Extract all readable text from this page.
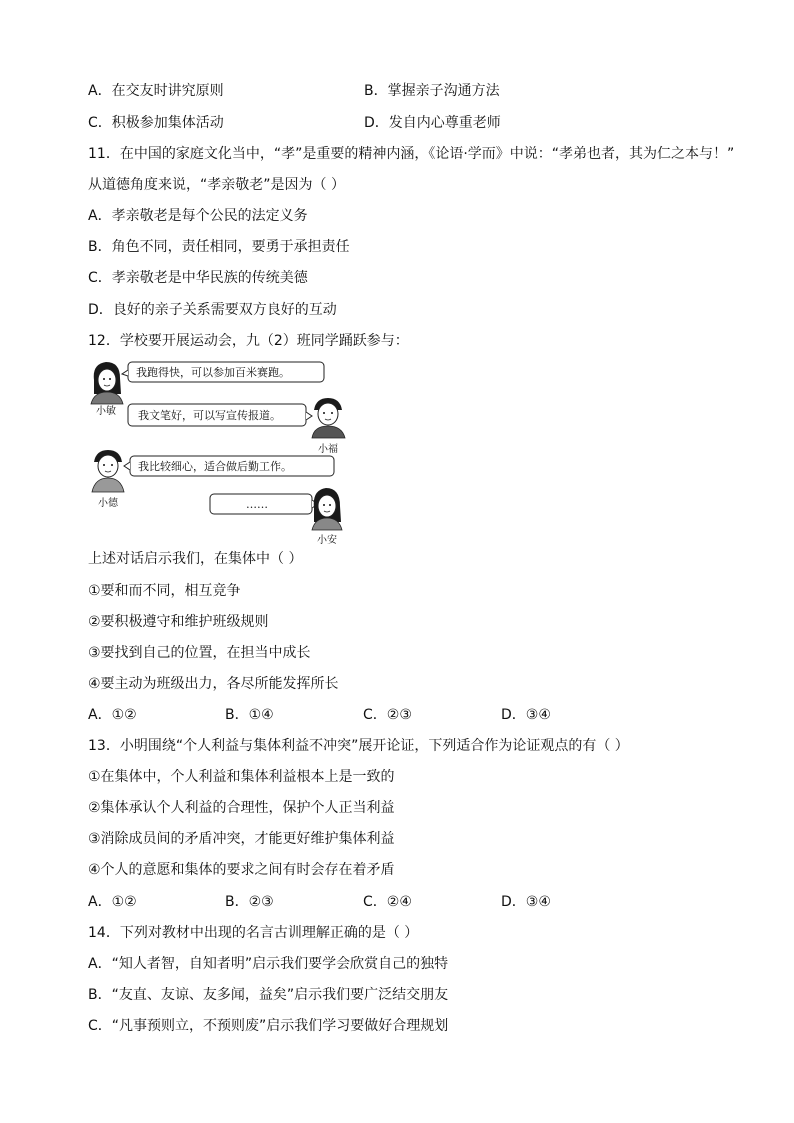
A．在交友时讲究原则	B．掌握亲子沟通方法
C．积极参加集体活动	D．发自内心尊重老师
11．在中国的家庭文化当中，“孝”是重要的精神内涵，《论语·学而》中说：“孝弟也者，其为仁之本与！”
从道德角度来说，“孝亲敬老”是因为（ ）
A．孝亲敬老是每个公民的法定义务
B．角色不同，责任相同，要勇于承担责任
C．孝亲敬老是中华民族的传统美德
D．良好的亲子关系需要双方良好的互动
12．学校要开展运动会，九（2）班同学踊跃参与：
小敏
我跑得快，可以参加百米赛跑。
我文笔好，可以写宣传报道。
小福
小德
我比较细心，适合做后勤工作。
……
小安
上述对话启示我们，在集体中（ ）
①要和而不同，相互竞争
②要积极遵守和维护班级规则
③要找到自己的位置，在担当中成长
④要主动为班级出力，各尽所能发挥所长
A．①②	B．①④	C．②③	D．③④
13．小明围绕“个人利益与集体利益不冲突”展开论证，下列适合作为论证观点的有（ ）
①在集体中，个人利益和集体利益根本上是一致的
②集体承认个人利益的合理性，保护个人正当利益
③消除成员间的矛盾冲突，才能更好维护集体利益
④个人的意愿和集体的要求之间有时会存在着矛盾
A．①②	B．②③	C．②④	D．③④
14．下列对教材中出现的名言古训理解正确的是（ ）
A．“知人者智，自知者明”启示我们要学会欣赏自己的独特
B．“友直、友谅、友多闻，益矣”启示我们要广泛结交朋友
C．“凡事预则立，不预则废”启示我们学习要做好合理规划
